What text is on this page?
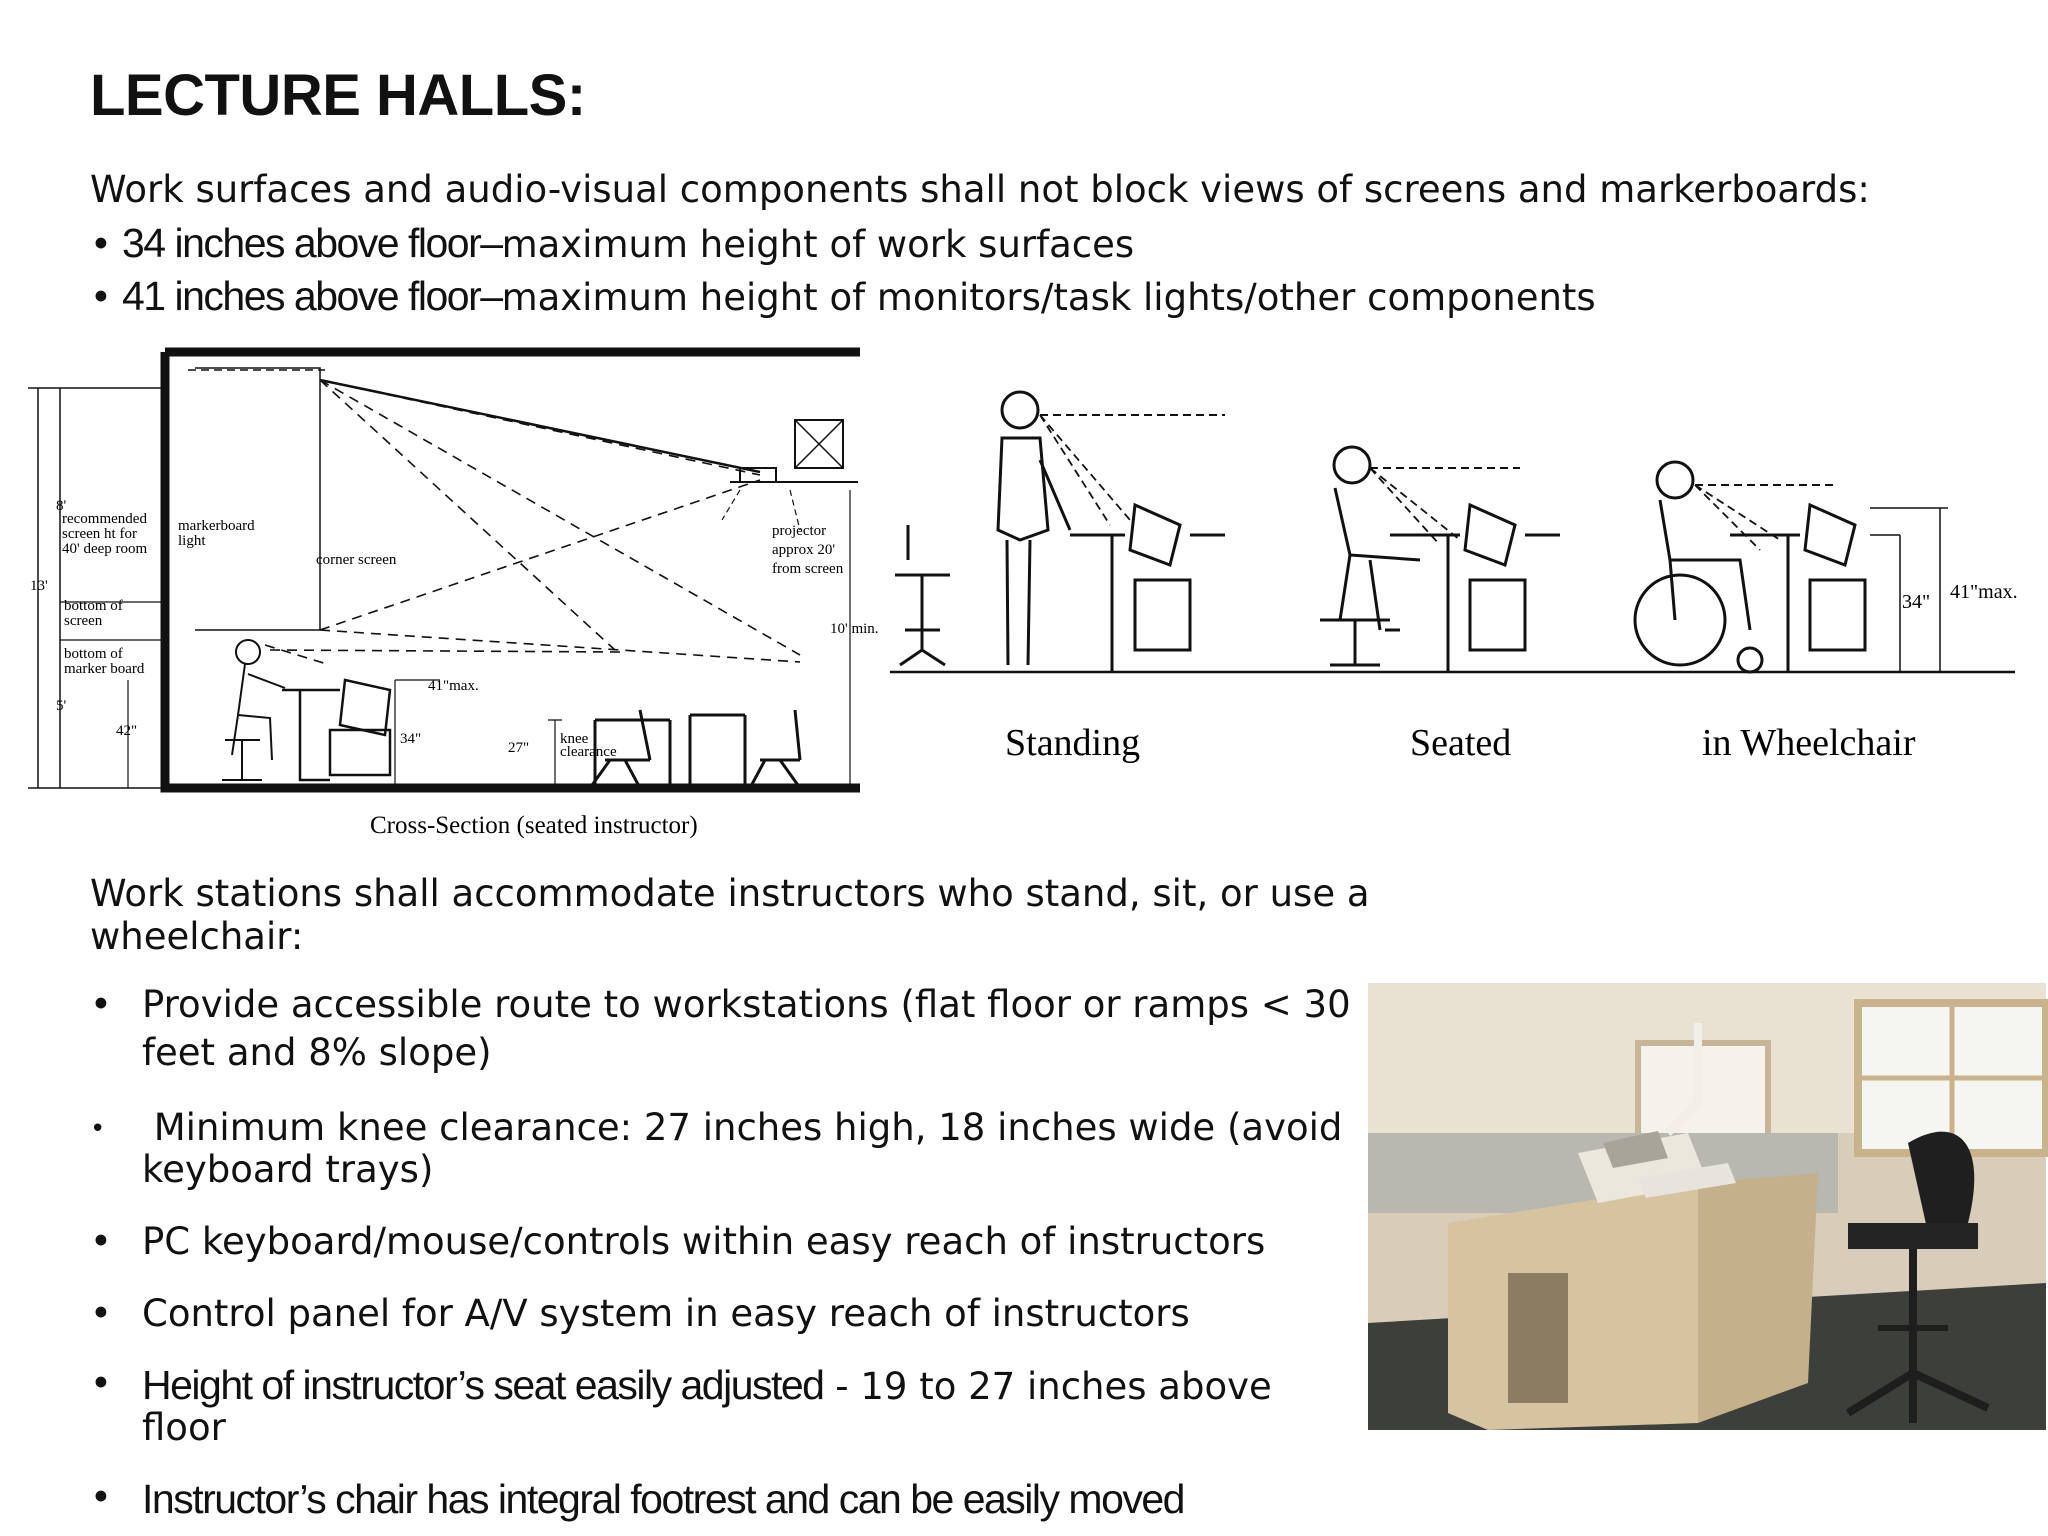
LECTURE HALLS:
Work surfaces and audio-visual components shall not block views of screens and markerboards:
• 34 inches above floor–maximum height of work surfaces
• 41 inches above floor–maximum height of monitors/task lights/other components
recommended
screen ht for
40' deep room
markerboard
light
corner screen
projector
approx 20'
from screen
bottom of
screen
bottom of
marker board
8'
13'
5'
42"
10' min.
41"max.
34"
27"
knee
clearance
Cross-Section (seated instructor)
Standing	Seated	in Wheelchair
34" 41"max.
Work stations shall accommodate instructors who stand, sit, or use a
wheelchair:
• Provide accessible route to workstations (flat floor or ramps < 30
feet and 8% slope)
• Minimum knee clearance: 27 inches high, 18 inches wide (avoid
keyboard trays)
• PC keyboard/mouse/controls within easy reach of instructors
• Control panel for A/V system in easy reach of instructors
• Height of instructor’s seat easily adjusted - 19 to 27 inches above
floor
• Instructor’s chair has integral footrest and can be easily moved
